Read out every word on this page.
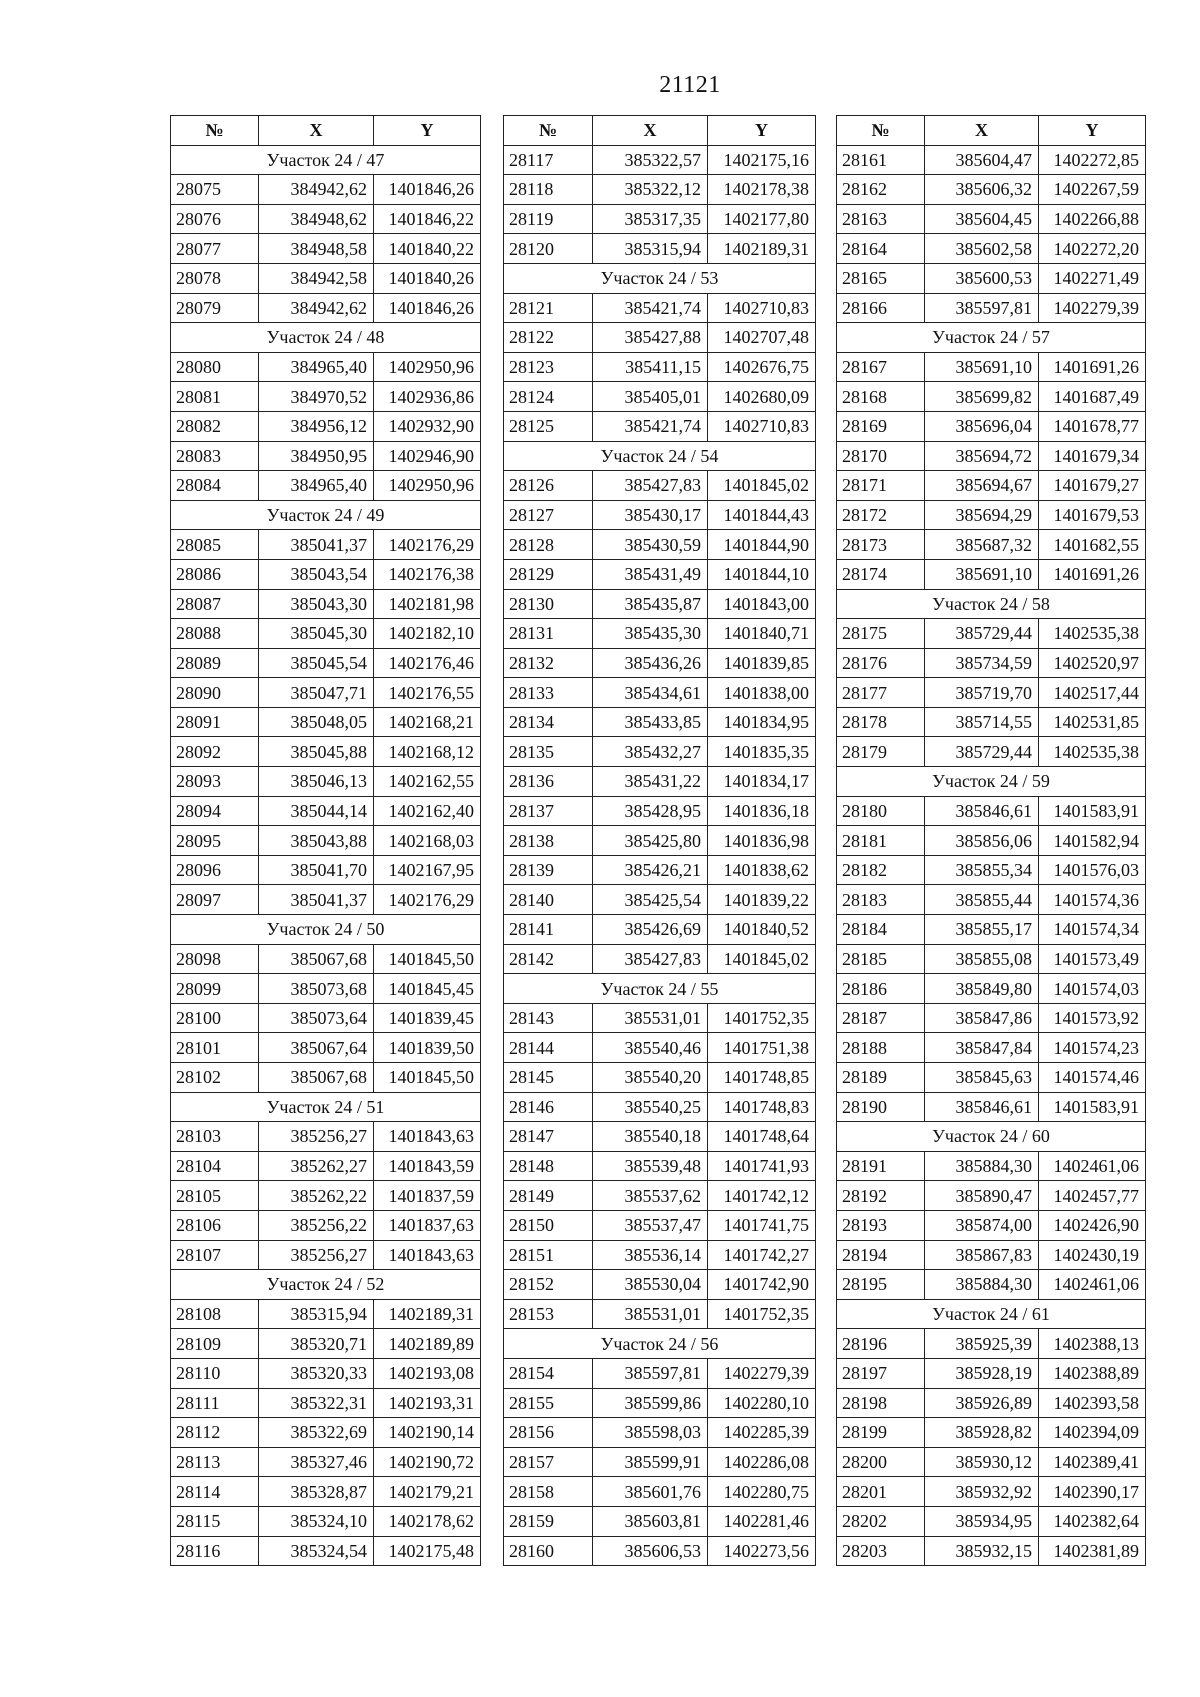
21121
№	X	Y
Участок 24 / 47		
28075	384942,62	1401846,26
28076	384948,62	1401846,22
28077	384948,58	1401840,22
28078	384942,58	1401840,26
28079	384942,62	1401846,26
Участок 24 / 48		
28080	384965,40	1402950,96
28081	384970,52	1402936,86
28082	384956,12	1402932,90
28083	384950,95	1402946,90
28084	384965,40	1402950,96
Участок 24 / 49		
28085	385041,37	1402176,29
28086	385043,54	1402176,38
28087	385043,30	1402181,98
28088	385045,30	1402182,10
28089	385045,54	1402176,46
28090	385047,71	1402176,55
28091	385048,05	1402168,21
28092	385045,88	1402168,12
28093	385046,13	1402162,55
28094	385044,14	1402162,40
28095	385043,88	1402168,03
28096	385041,70	1402167,95
28097	385041,37	1402176,29
Участок 24 / 50		
28098	385067,68	1401845,50
28099	385073,68	1401845,45
28100	385073,64	1401839,45
28101	385067,64	1401839,50
28102	385067,68	1401845,50
Участок 24 / 51		
28103	385256,27	1401843,63
28104	385262,27	1401843,59
28105	385262,22	1401837,59
28106	385256,22	1401837,63
28107	385256,27	1401843,63
Участок 24 / 52		
28108	385315,94	1402189,31
28109	385320,71	1402189,89
28110	385320,33	1402193,08
28111	385322,31	1402193,31
28112	385322,69	1402190,14
28113	385327,46	1402190,72
28114	385328,87	1402179,21
28115	385324,10	1402178,62
28116	385324,54	1402175,48
№	X	Y
28117	385322,57	1402175,16
28118	385322,12	1402178,38
28119	385317,35	1402177,80
28120	385315,94	1402189,31
Участок 24 / 53		
28121	385421,74	1402710,83
28122	385427,88	1402707,48
28123	385411,15	1402676,75
28124	385405,01	1402680,09
28125	385421,74	1402710,83
Участок 24 / 54		
28126	385427,83	1401845,02
28127	385430,17	1401844,43
28128	385430,59	1401844,90
28129	385431,49	1401844,10
28130	385435,87	1401843,00
28131	385435,30	1401840,71
28132	385436,26	1401839,85
28133	385434,61	1401838,00
28134	385433,85	1401834,95
28135	385432,27	1401835,35
28136	385431,22	1401834,17
28137	385428,95	1401836,18
28138	385425,80	1401836,98
28139	385426,21	1401838,62
28140	385425,54	1401839,22
28141	385426,69	1401840,52
28142	385427,83	1401845,02
Участок 24 / 55		
28143	385531,01	1401752,35
28144	385540,46	1401751,38
28145	385540,20	1401748,85
28146	385540,25	1401748,83
28147	385540,18	1401748,64
28148	385539,48	1401741,93
28149	385537,62	1401742,12
28150	385537,47	1401741,75
28151	385536,14	1401742,27
28152	385530,04	1401742,90
28153	385531,01	1401752,35
Участок 24 / 56		
28154	385597,81	1402279,39
28155	385599,86	1402280,10
28156	385598,03	1402285,39
28157	385599,91	1402286,08
28158	385601,76	1402280,75
28159	385603,81	1402281,46
28160	385606,53	1402273,56
№	X	Y
28161	385604,47	1402272,85
28162	385606,32	1402267,59
28163	385604,45	1402266,88
28164	385602,58	1402272,20
28165	385600,53	1402271,49
28166	385597,81	1402279,39
Участок 24 / 57		
28167	385691,10	1401691,26
28168	385699,82	1401687,49
28169	385696,04	1401678,77
28170	385694,72	1401679,34
28171	385694,67	1401679,27
28172	385694,29	1401679,53
28173	385687,32	1401682,55
28174	385691,10	1401691,26
Участок 24 / 58		
28175	385729,44	1402535,38
28176	385734,59	1402520,97
28177	385719,70	1402517,44
28178	385714,55	1402531,85
28179	385729,44	1402535,38
Участок 24 / 59		
28180	385846,61	1401583,91
28181	385856,06	1401582,94
28182	385855,34	1401576,03
28183	385855,44	1401574,36
28184	385855,17	1401574,34
28185	385855,08	1401573,49
28186	385849,80	1401574,03
28187	385847,86	1401573,92
28188	385847,84	1401574,23
28189	385845,63	1401574,46
28190	385846,61	1401583,91
Участок 24 / 60		
28191	385884,30	1402461,06
28192	385890,47	1402457,77
28193	385874,00	1402426,90
28194	385867,83	1402430,19
28195	385884,30	1402461,06
Участок 24 / 61		
28196	385925,39	1402388,13
28197	385928,19	1402388,89
28198	385926,89	1402393,58
28199	385928,82	1402394,09
28200	385930,12	1402389,41
28201	385932,92	1402390,17
28202	385934,95	1402382,64
28203	385932,15	1402381,89
